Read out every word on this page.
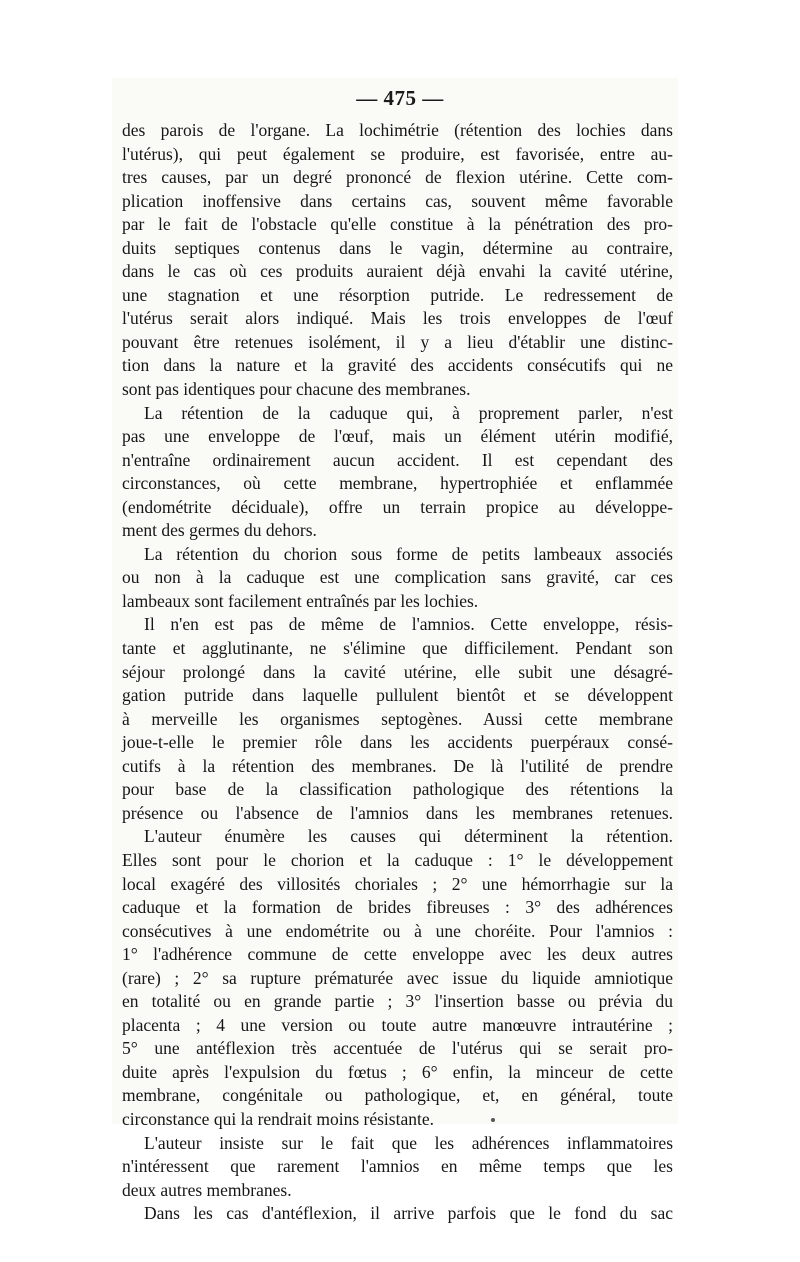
— 475 —

des parois de l'organe. La lochimétrie (rétention des lochies dans
l'utérus), qui peut également se produire, est favorisée, entre au-
tres causes, par un degré prononcé de flexion utérine. Cette com-
plication inoffensive dans certains cas, souvent même favorable
par le fait de l'obstacle qu'elle constitue à la pénétration des pro-
duits septiques contenus dans le vagin, détermine au contraire,
dans le cas où ces produits auraient déjà envahi la cavité utérine,
une stagnation et une résorption putride. Le redressement de
l'utérus serait alors indiqué. Mais les trois enveloppes de l'œuf
pouvant être retenues isolément, il y a lieu d'établir une distinc-
tion dans la nature et la gravité des accidents consécutifs qui ne
sont pas identiques pour chacune des membranes.
La rétention de la caduque qui, à proprement parler, n'est
pas une enveloppe de l'œuf, mais un élément utérin modifié,
n'entraîne ordinairement aucun accident. Il est cependant des
circonstances, où cette membrane, hypertrophiée et enflammée
(endométrite déciduale), offre un terrain propice au développe-
ment des germes du dehors.
La rétention du chorion sous forme de petits lambeaux associés
ou non à la caduque est une complication sans gravité, car ces
lambeaux sont facilement entraînés par les lochies.
Il n'en est pas de même de l'amnios. Cette enveloppe, résis-
tante et agglutinante, ne s'élimine que difficilement. Pendant son
séjour prolongé dans la cavité utérine, elle subit une désagré-
gation putride dans laquelle pullulent bientôt et se développent
à merveille les organismes septogènes. Aussi cette membrane
joue-t-elle le premier rôle dans les accidents puerpéraux consé-
cutifs à la rétention des membranes. De là l'utilité de prendre
pour base de la classification pathologique des rétentions la
présence ou l'absence de l'amnios dans les membranes retenues.
L'auteur énumère les causes qui déterminent la rétention.
Elles sont pour le chorion et la caduque : 1° le développement
local exagéré des villosités choriales ; 2° une hémorrhagie sur la
caduque et la formation de brides fibreuses : 3° des adhérences
consécutives à une endométrite ou à une choréite. Pour l'amnios :
1° l'adhérence commune de cette enveloppe avec les deux autres
(rare) ; 2° sa rupture prématurée avec issue du liquide amniotique
en totalité ou en grande partie ; 3° l'insertion basse ou prévia du
placenta ; 4 une version ou toute autre manœuvre intrautérine ;
5° une antéflexion très accentuée de l'utérus qui se serait pro-
duite après l'expulsion du fœtus ; 6° enfin, la minceur de cette
membrane, congénitale ou pathologique, et, en général, toute
circonstance qui la rendrait moins résistante.
L'auteur insiste sur le fait que les adhérences inflammatoires
n'intéressent que rarement l'amnios en même temps que les
deux autres membranes.
Dans les cas d'antéflexion, il arrive parfois que le fond du sac
